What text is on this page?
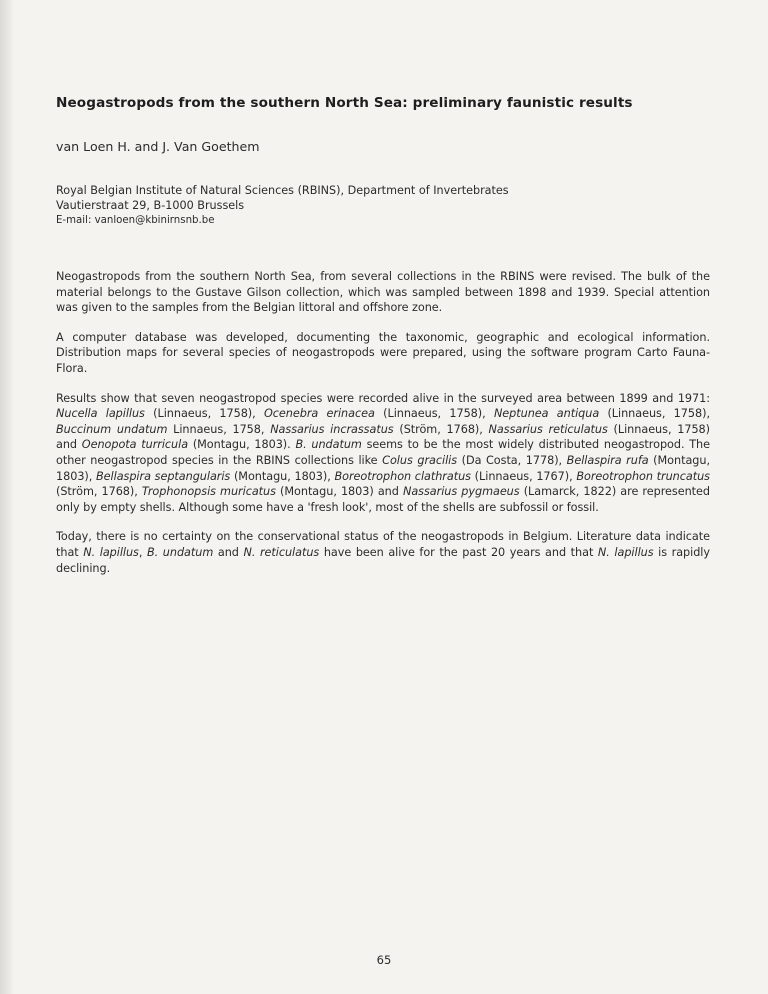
Neogastropods from the southern North Sea: preliminary faunistic results

van Loen H. and J. Van Goethem

Royal Belgian Institute of Natural Sciences (RBINS), Department of Invertebrates
Vautierstraat 29, B-1000 Brussels
E-mail: vanloen@kbinirnsnb.be

Neogastropods from the southern North Sea, from several collections in the RBINS were revised. The bulk of the material belongs to the Gustave Gilson collection, which was sampled between 1898 and 1939. Special attention was given to the samples from the Belgian littoral and offshore zone.

A computer database was developed, documenting the taxonomic, geographic and ecological information. Distribution maps for several species of neogastropods were prepared, using the software program Carto Fauna-Flora.

Results show that seven neogastropod species were recorded alive in the surveyed area between 1899 and 1971: Nucella lapillus (Linnaeus, 1758), Ocenebra erinacea (Linnaeus, 1758), Neptunea antiqua (Linnaeus, 1758), Buccinum undatum Linnaeus, 1758, Nassarius incrassatus (Ström, 1768), Nassarius reticulatus (Linnaeus, 1758) and Oenopota turricula (Montagu, 1803). B. undatum seems to be the most widely distributed neogastropod. The other neogastropod species in the RBINS collections like Colus gracilis (Da Costa, 1778), Bellaspira rufa (Montagu, 1803), Bellaspira septangularis (Montagu, 1803), Boreotrophon clathratus (Linnaeus, 1767), Boreotrophon truncatus (Ström, 1768), Trophonopsis muricatus (Montagu, 1803) and Nassarius pygmaeus (Lamarck, 1822) are represented only by empty shells. Although some have a 'fresh look', most of the shells are subfossil or fossil.

Today, there is no certainty on the conservational status of the neogastropods in Belgium. Literature data indicate that N. lapillus, B. undatum and N. reticulatus have been alive for the past 20 years and that N. lapillus is rapidly declining.

65
